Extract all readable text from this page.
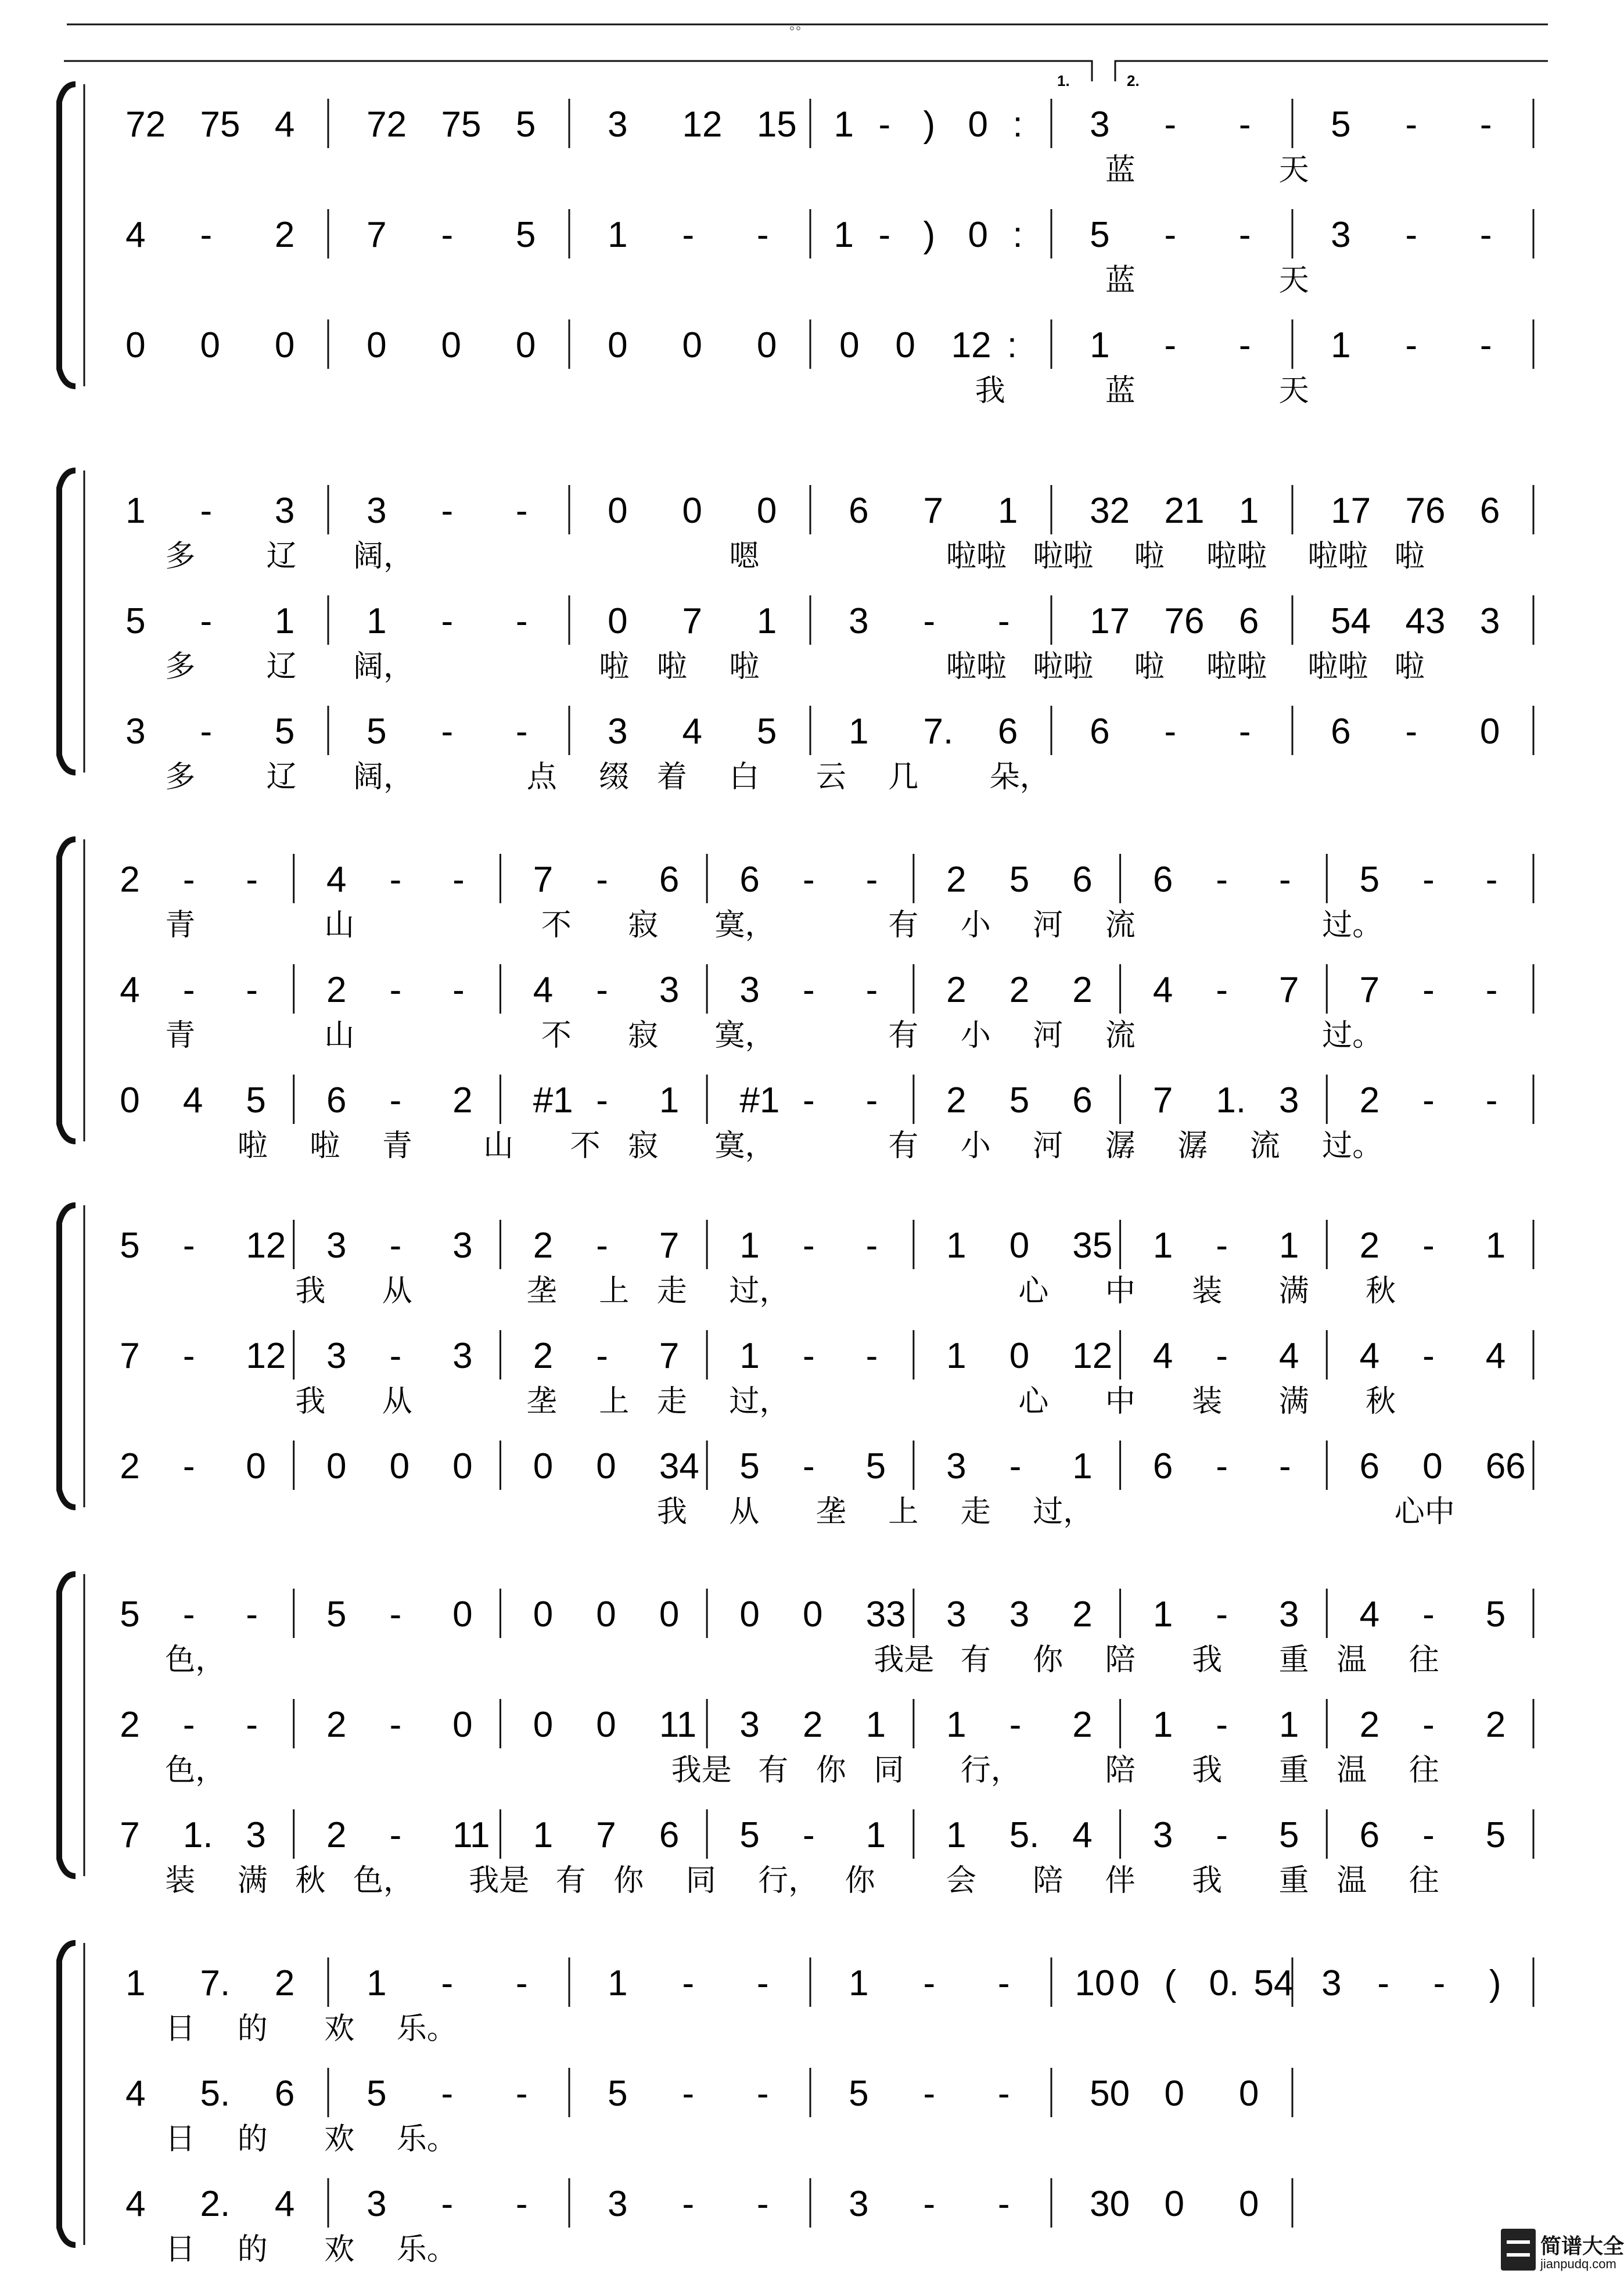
。。
1.	2.
72 75 4 72 75 5 3 12 15 1 - ) 0 : 3 - - 5 - -
蓝	天
4 - 2 7 - 5 1 - - 1 - ) 0 : 5 - - 3 - -
蓝	天
0 0 0 0 0 0 0 0 0 0 0 12 : 1 - - 1 - -
我	蓝	天
1 - 3 3 - - 0 0 0 6 7 1 32 21 1 17 76 6
多 辽 阔，	嗯	啦啦 啦啦 啦 啦啦 啦啦 啦
5 - 1 1 - - 0 7 1 3 - - 17 76 6 54 43 3
多 辽 阔，	啦 啦 啦	啦啦 啦啦 啦 啦啦 啦啦 啦
3 - 5 5 - - 3 4 5 1 7. 6 6 - - 6 - 0
多 辽 阔，	点 缀 着 白 云 几 朵，
2 - - 4 - - 7 - 6 6 - - 2 5 6 6 - - 5 - -
青	山	不 寂 寞，	有 小 河 流	过。
4 - - 2 - - 4 - 3 3 - - 2 2 2 4 - 7 7 - -
青	山	不 寂 寞，	有 小 河 流	过。
0 4 5 6 - 2 #1 - 1 #1 - - 2 5 6 7 1. 3 2 - -
啦 啦 青 山 不 寂 寞，	有 小 河 潺 潺 流 过。
5 - 12 3 - 3 2 - 7 1 - - 1 0 35 1 - 1 2 - 1
我 从	垄 上 走 过，	心 中 装 满 秋
7 - 12 3 - 3 2 - 7 1 - - 1 0 12 4 - 4 4 - 4
我 从	垄 上 走 过，	心 中 装 满 秋
2 - 0 0 0 0 0 0 34 5 - 5 3 - 1 6 - - 6 0 66
我 从 垄 上 走 过，	心中
5 - - 5 - 0 0 0 0 0 0 33 3 3 2 1 - 3 4 - 5
色，	我是 有 你 陪 我 重 温 往
2 - - 2 - 0 0 0 11 3 2 1 1 - 2 1 - 1 2 - 2
色，	我是 有 你 同 行，	陪 我 重 温 往
7 1. 3 2 - 11 1 7 6 5 - 1 1 5. 4 3 - 5 6 - 5
装 满 秋 色， 我是 有 你 同 行， 你 会 陪 伴 我 重 温 往
1 7. 2 1 - - 1 - - 1 - - 10 0 ( 0. 54 3 - - )
日 的 欢 乐。
4 5. 6 5 - - 5 - - 5 - - 50 0 0
日 的 欢 乐。
4 2. 4 3 - - 3 - - 3 - - 30 0 0
日 的 欢 乐。	简谱大全
jianpudq.com
